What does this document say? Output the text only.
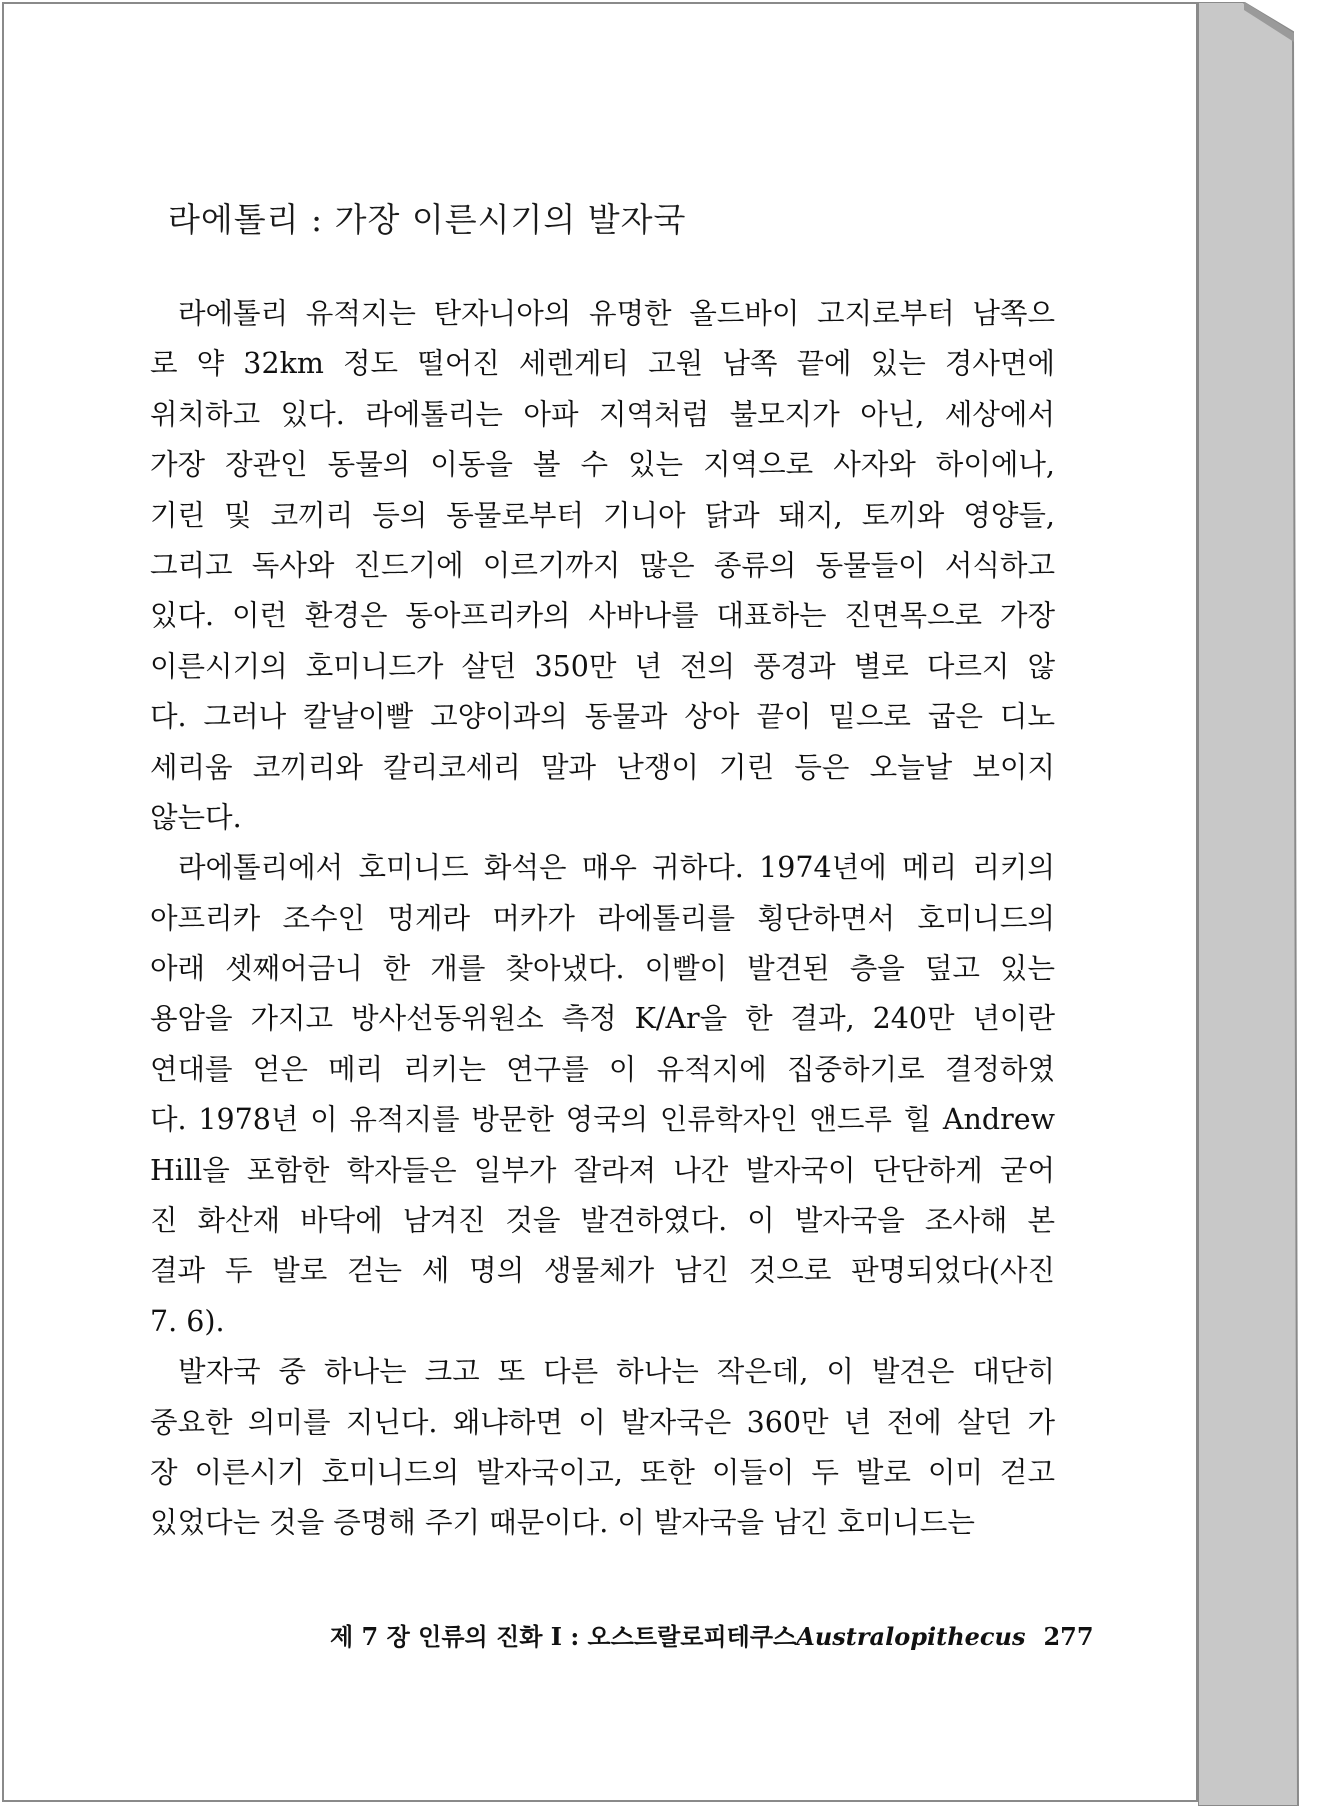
라에톨리 : 가장 이른시기의 발자국

라에톨리 유적지는 탄자니아의 유명한 올드바이 고지로부터 남쪽으
로 약 32km 정도 떨어진 세렌게티 고원 남쪽 끝에 있는 경사면에
위치하고 있다. 라에톨리는 아파 지역처럼 불모지가 아닌, 세상에서
가장 장관인 동물의 이동을 볼 수 있는 지역으로 사자와 하이에나,
기린 및 코끼리 등의 동물로부터 기니아 닭과 돼지, 토끼와 영양들,
그리고 독사와 진드기에 이르기까지 많은 종류의 동물들이 서식하고
있다. 이런 환경은 동아프리카의 사바나를 대표하는 진면목으로 가장
이른시기의 호미니드가 살던 350만 년 전의 풍경과 별로 다르지 않
다. 그러나 칼날이빨 고양이과의 동물과 상아 끝이 밑으로 굽은 디노
세리움 코끼리와 칼리코세리 말과 난쟁이 기린 등은 오늘날 보이지
않는다.

라에톨리에서 호미니드 화석은 매우 귀하다. 1974년에 메리 리키의
아프리카 조수인 멍게라 머카가 라에톨리를 횡단하면서 호미니드의
아래 셋째어금니 한 개를 찾아냈다. 이빨이 발견된 층을 덮고 있는
용암을 가지고 방사선동위원소 측정 K/Ar을 한 결과, 240만 년이란
연대를 얻은 메리 리키는 연구를 이 유적지에 집중하기로 결정하였
다. 1978년 이 유적지를 방문한 영국의 인류학자인 앤드루 힐 Andrew
Hill을 포함한 학자들은 일부가 잘라져 나간 발자국이 단단하게 굳어
진 화산재 바닥에 남겨진 것을 발견하였다. 이 발자국을 조사해 본
결과 두 발로 걷는 세 명의 생물체가 남긴 것으로 판명되었다(사진
7. 6).

발자국 중 하나는 크고 또 다른 하나는 작은데, 이 발견은 대단히
중요한 의미를 지닌다. 왜냐하면 이 발자국은 360만 년 전에 살던 가
장 이른시기 호미니드의 발자국이고, 또한 이들이 두 발로 이미 걷고
있었다는 것을 증명해 주기 때문이다. 이 발자국을 남긴 호미니드는

제 7 장 인류의 진화 Ⅰ : 오스트랄로피테쿠스Australopithecus 277
